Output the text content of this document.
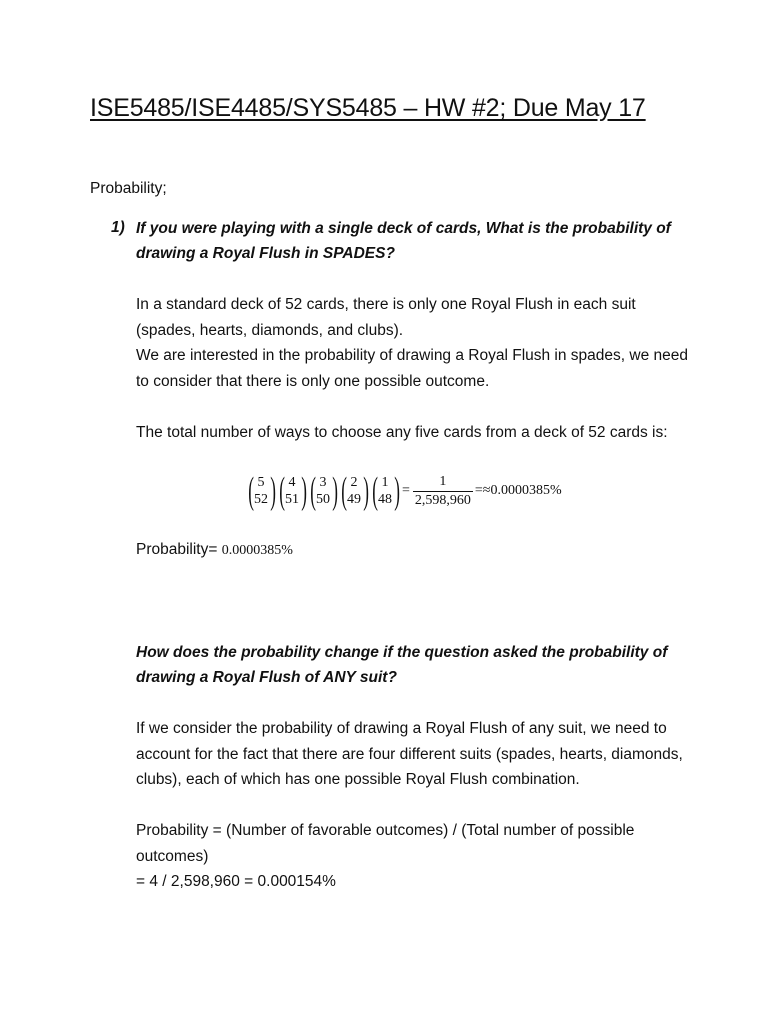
ISE5485/ISE4485/SYS5485 – HW #2; Due May 17
Probability;
1) If you were playing with a single deck of cards, What is the probability of drawing a Royal Flush in SPADES?
In a standard deck of 52 cards, there is only one Royal Flush in each suit (spades, hearts, diamonds, and clubs).
We are interested in the probability of drawing a Royal Flush in spades, we need to consider that there is only one possible outcome.
The total number of ways to choose any five cards from a deck of 52 cards is:
( 5
52 ) ( 4
51 ) ( 3
50 ) ( 2
49 ) ( 1
48 ) = $\frac{1}{2,598,960} =\approx 0.0000385\%$
Probability= 0.0000385%
How does the probability change if the question asked the probability of drawing a Royal Flush of ANY suit?
If we consider the probability of drawing a Royal Flush of any suit, we need to account for the fact that there are four different suits (spades, hearts, diamonds, clubs), each of which has one possible Royal Flush combination.
Probability = (Number of favorable outcomes) / (Total number of possible outcomes)
= 4 / 2,598,960 = 0.000154%
